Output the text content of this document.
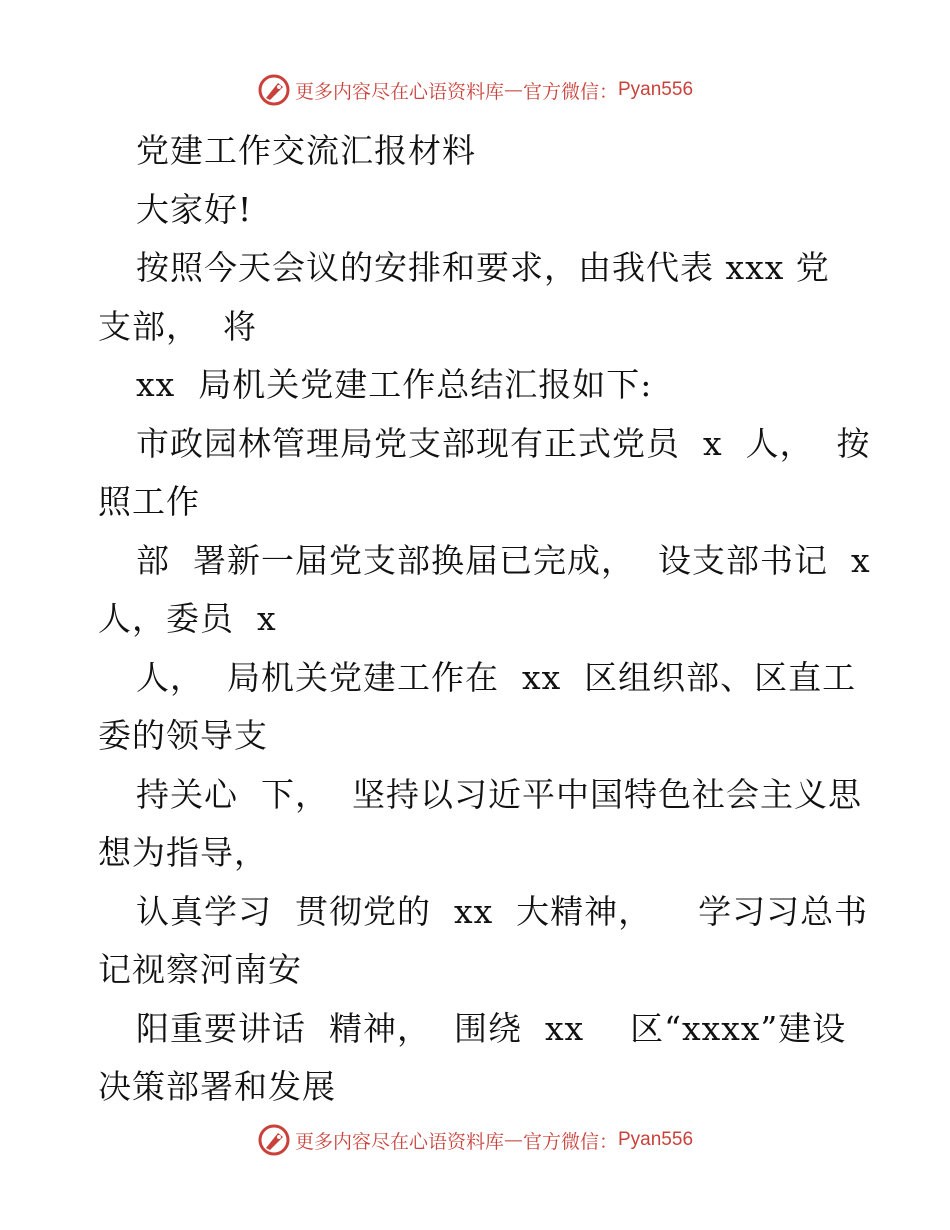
更多内容尽在心语资料库 — 官方微信： Pyan556
党建工作交流汇报材料
大家好!
按照今天会议的安排和要求，由我代表 xxx 党
支部，  将
xx  局机关党建工作总结汇报如下:
市政园林管理局党支部现有正式党员  x  人，  按
照工作
部  署新一届党支部换届已完成，  设支部书记  x
人，委员  x
人，  局机关党建工作在  xx  区组织部、区直工
委的领导支
持关心  下，  坚持以习近平中国特色社会主义思
想为指导，
认真学习  贯彻党的  xx  大精神，    学习习总书
记视察河南安
阳重要讲话  精神，  围绕  xx    区“xxxx”建设
决策部署和发展
更多内容尽在心语资料库 — 官方微信： Pyan556
